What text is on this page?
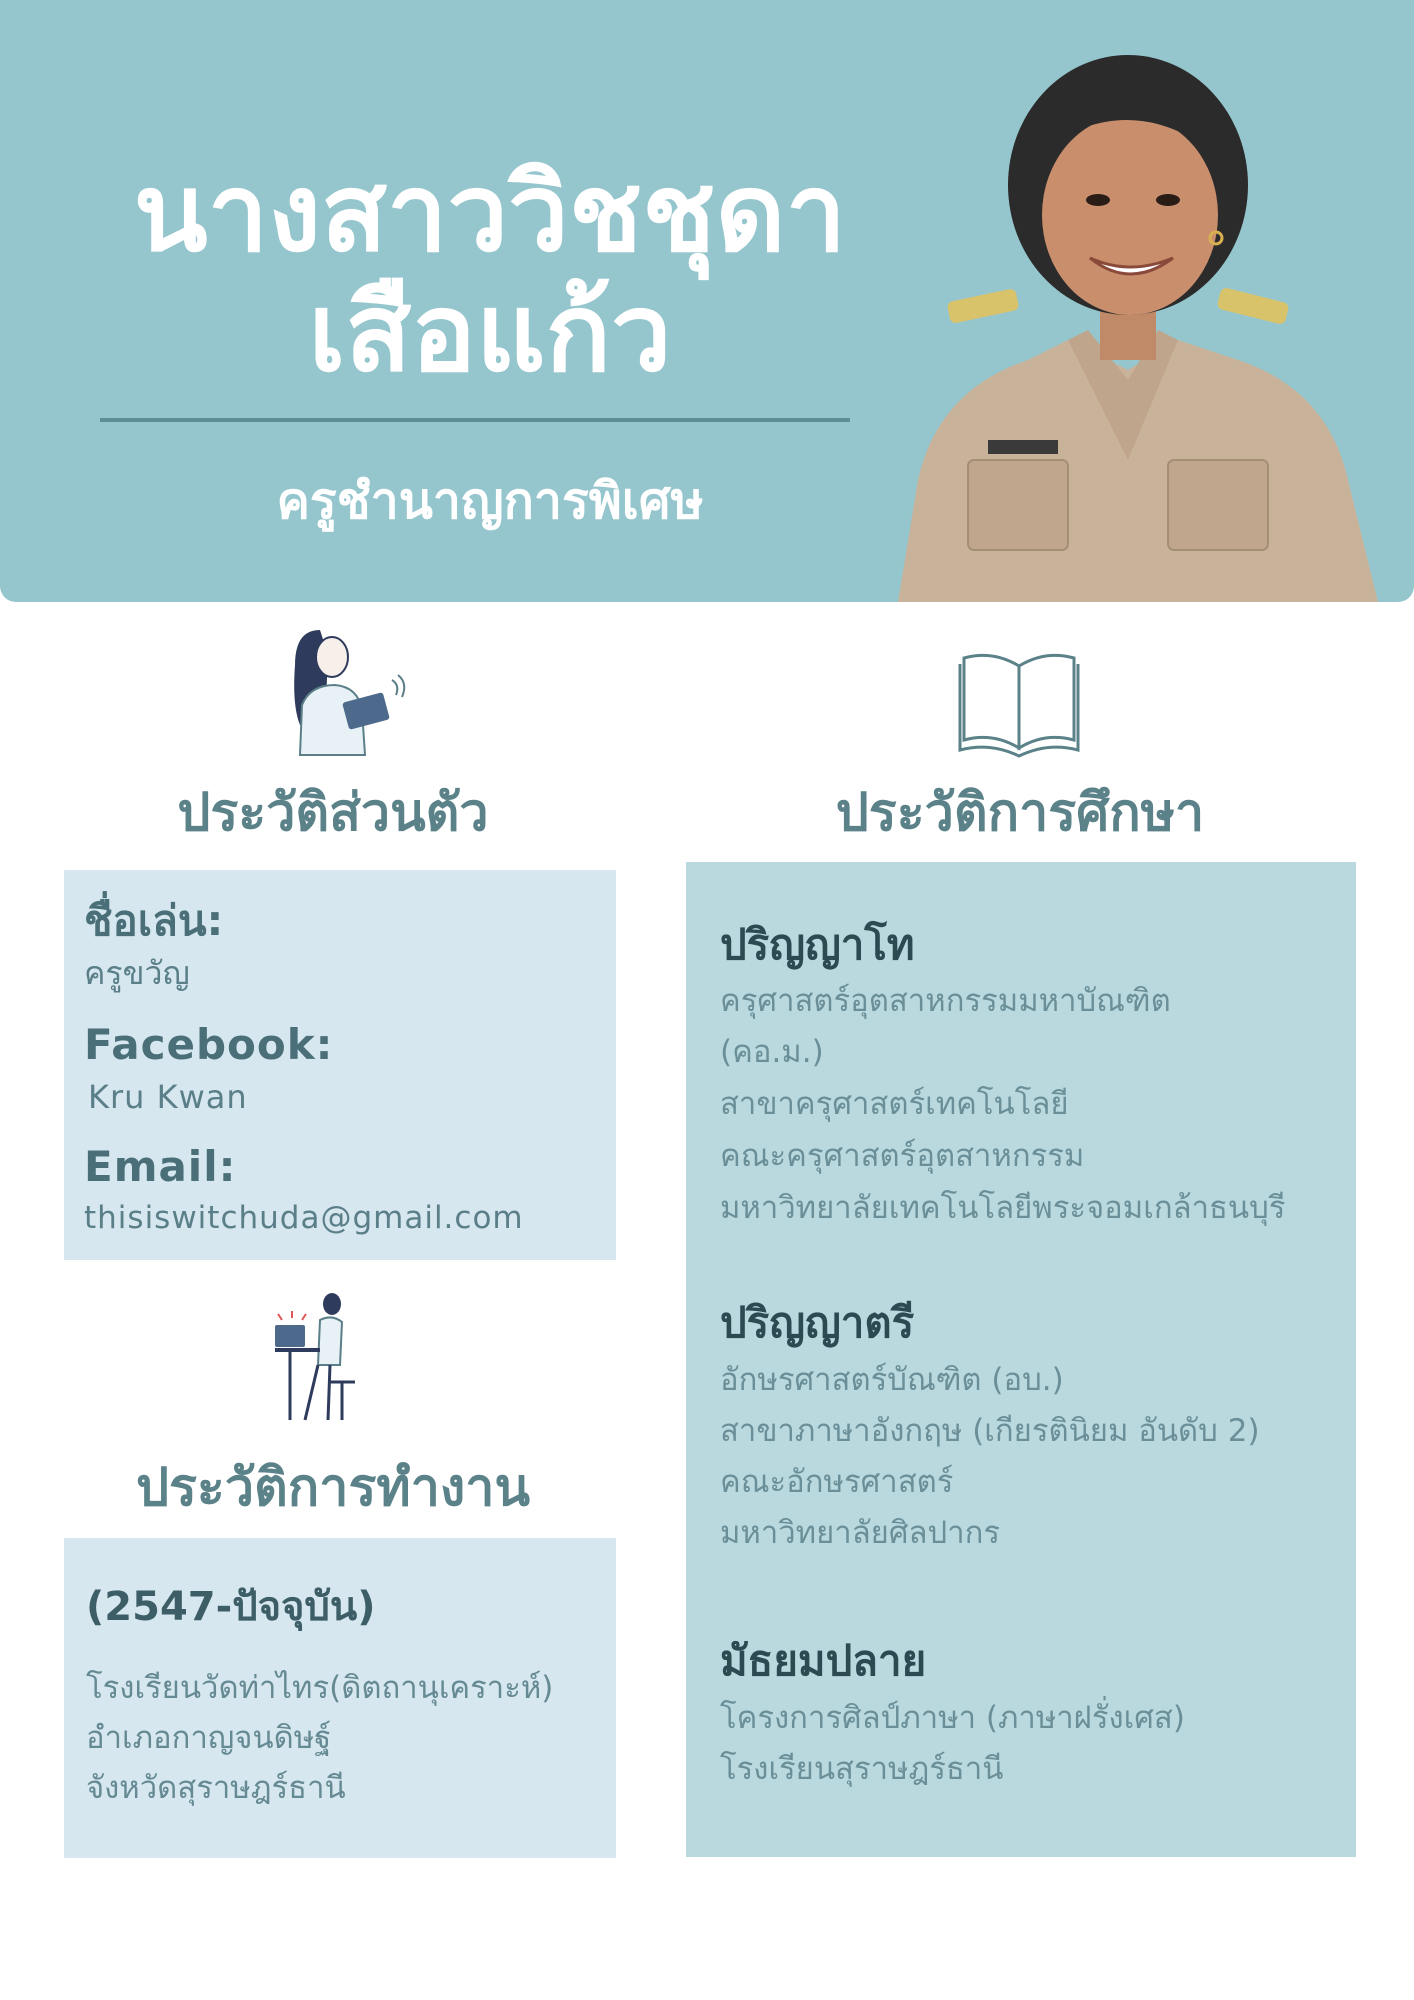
นางสาววิชชุดา
เสือแก้ว
ครูชำนาญการพิเศษ
ประวัติส่วนตัว
ชื่อเล่น:
ครูขวัญ
Facebook:
Kru Kwan
Email:
thisiswitchuda@gmail.com
ประวัติการทำงาน
(2547-ปัจจุบัน)
โรงเรียนวัดท่าไทร(ดิตถานุเคราะห์)
อำเภอกาญจนดิษฐ์
จังหวัดสุราษฎร์ธานี
ประวัติการศึกษา
ปริญญาโท
ครุศาสตร์อุตสาหกรรมมหาบัณฑิต
(คอ.ม.)
สาขาครุศาสตร์เทคโนโลยี
คณะครุศาสตร์อุตสาหกรรม
มหาวิทยาลัยเทคโนโลยีพระจอมเกล้าธนบุรี
ปริญญาตรี
อักษรศาสตร์บัณฑิต (อบ.)
สาขาภาษาอังกฤษ (เกียรตินิยม อันดับ 2)
คณะอักษรศาสตร์
มหาวิทยาลัยศิลปากร
มัธยมปลาย
โครงการศิลป์ภาษา (ภาษาฝรั่งเศส)
โรงเรียนสุราษฎร์ธานี
